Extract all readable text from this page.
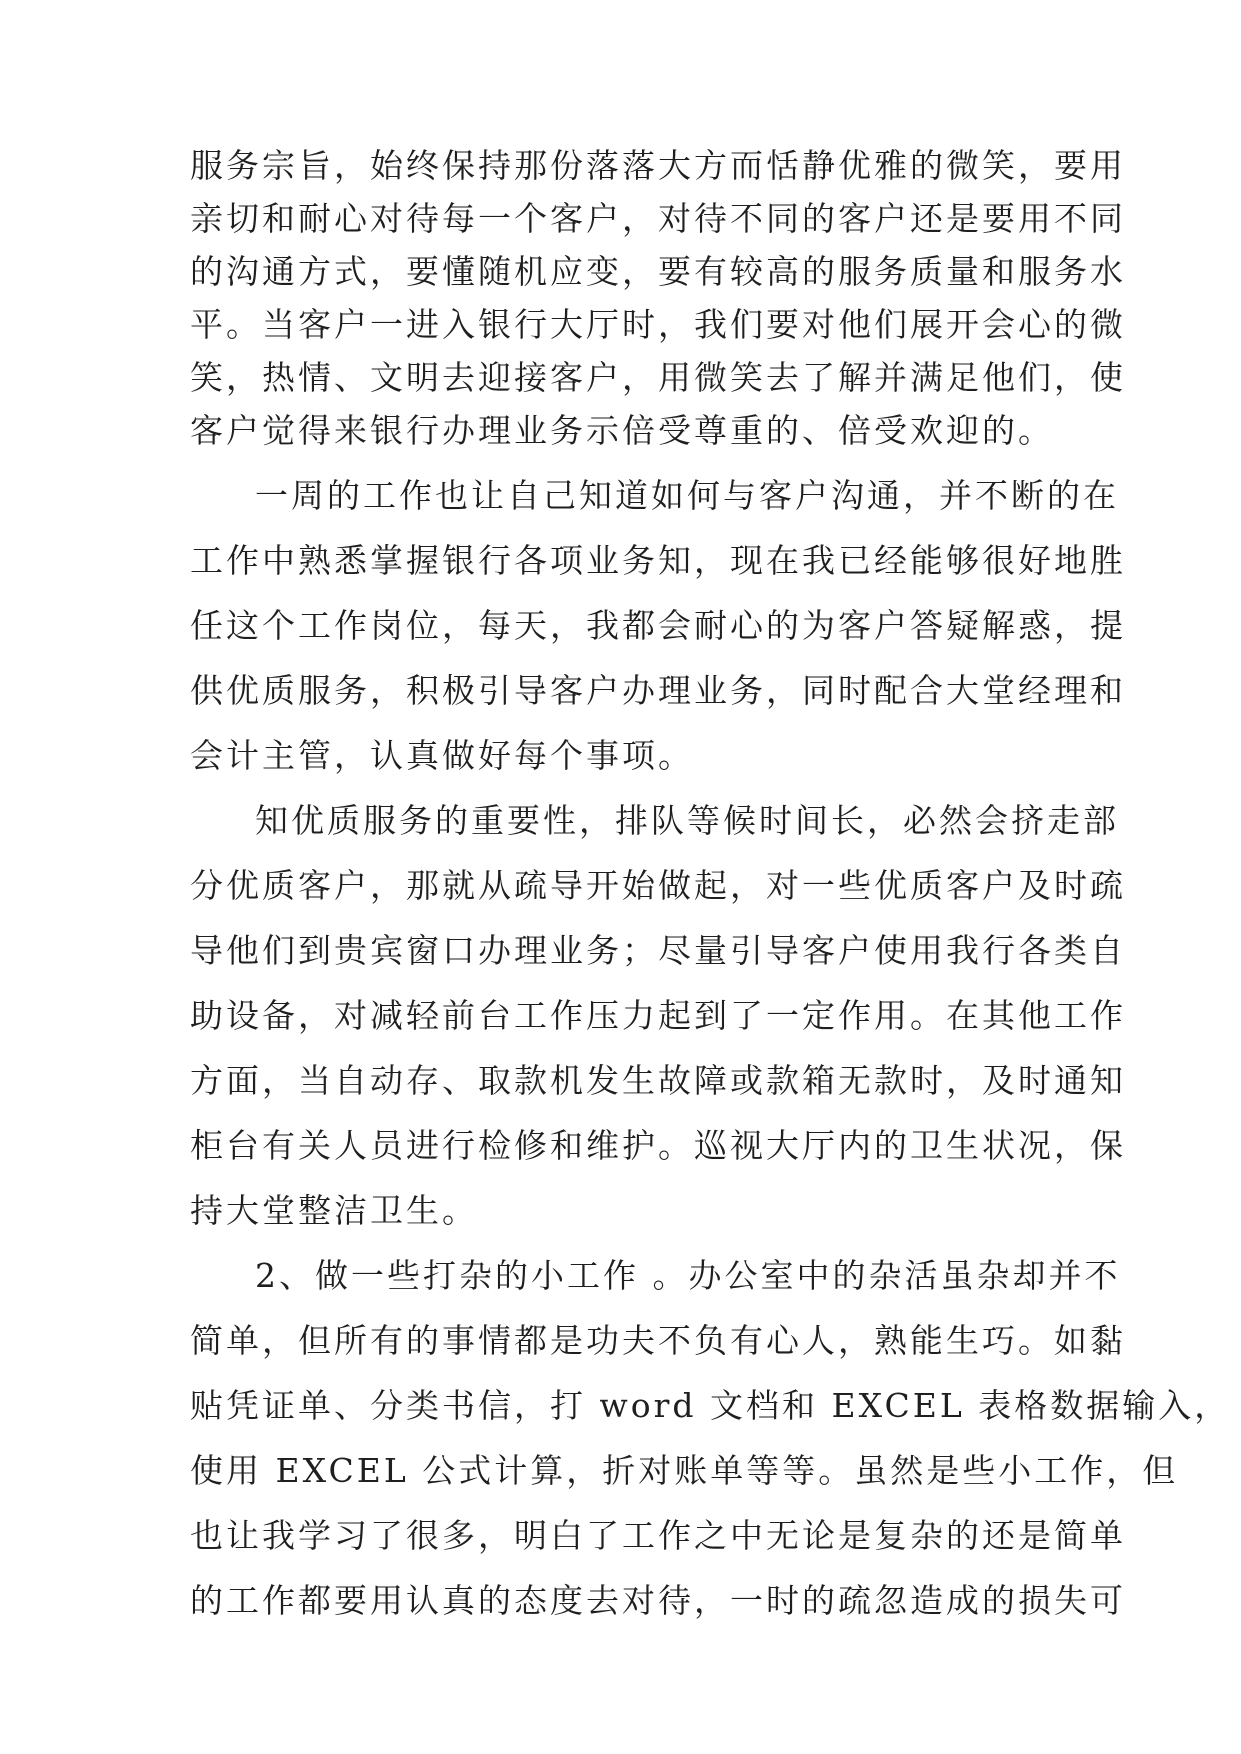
服务宗旨，始终保持那份落落大方而恬静优雅的微笑，要用
亲切和耐心对待每一个客户，对待不同的客户还是要用不同
的沟通方式，要懂随机应变，要有较高的服务质量和服务水
平。当客户一进入银行大厅时，我们要对他们展开会心的微
笑，热情、文明去迎接客户，用微笑去了解并满足他们，使
客户觉得来银行办理业务示倍受尊重的、倍受欢迎的。
一周的工作也让自己知道如何与客户沟通，并不断的在
工作中熟悉掌握银行各项业务知，现在我已经能够很好地胜
任这个工作岗位，每天，我都会耐心的为客户答疑解惑，提
供优质服务，积极引导客户办理业务，同时配合大堂经理和
会计主管，认真做好每个事项。
知优质服务的重要性，排队等候时间长，必然会挤走部
分优质客户，那就从疏导开始做起，对一些优质客户及时疏
导他们到贵宾窗口办理业务；尽量引导客户使用我行各类自
助设备，对减轻前台工作压力起到了一定作用。在其他工作
方面，当自动存、取款机发生故障或款箱无款时，及时通知
柜台有关人员进行检修和维护。巡视大厅内的卫生状况，保
持大堂整洁卫生。
2、做一些打杂的小工作 。办公室中的杂活虽杂却并不
简单，但所有的事情都是功夫不负有心人，熟能生巧。如黏
贴凭证单、分类书信，打 word 文档和 EXCEL 表格数据输入，
使用 EXCEL 公式计算，折对账单等等。虽然是些小工作，但
也让我学习了很多，明白了工作之中无论是复杂的还是简单
的工作都要用认真的态度去对待，一时的疏忽造成的损失可
